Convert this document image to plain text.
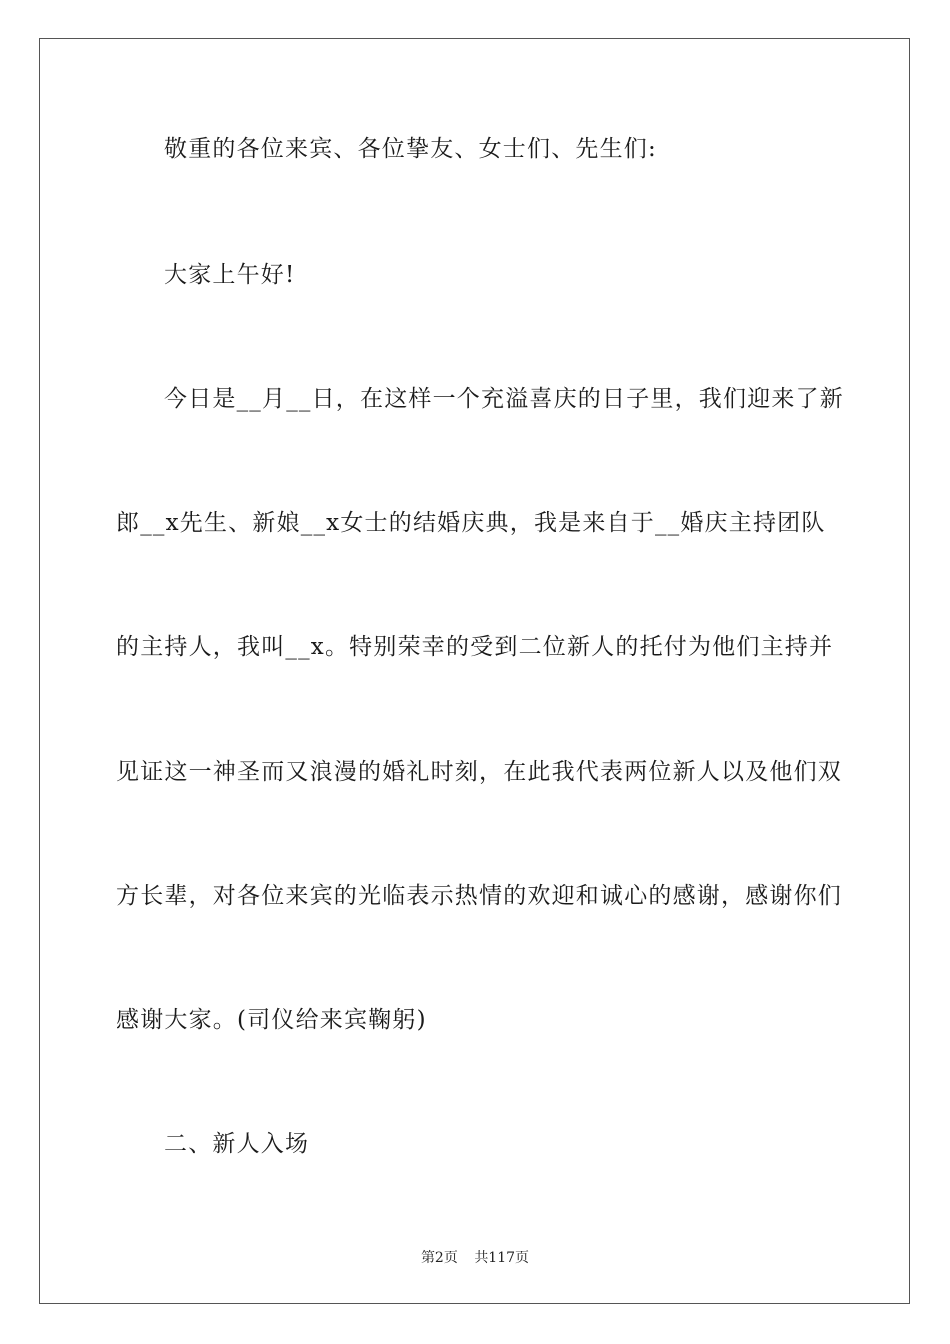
敬重的各位来宾、各位挚友、女士们、先生们:
大家上午好!
今日是__月__日，在这样一个充溢喜庆的日子里，我们迎来了新
郎__x先生、新娘__x女士的结婚庆典，我是来自于__婚庆主持团队
的主持人，我叫__x。特别荣幸的受到二位新人的托付为他们主持并
见证这一神圣而又浪漫的婚礼时刻，在此我代表两位新人以及他们双
方长辈，对各位来宾的光临表示热情的欢迎和诚心的感谢，感谢你们
感谢大家。(司仪给来宾鞠躬)
二、新人入场
第2页 共117页
